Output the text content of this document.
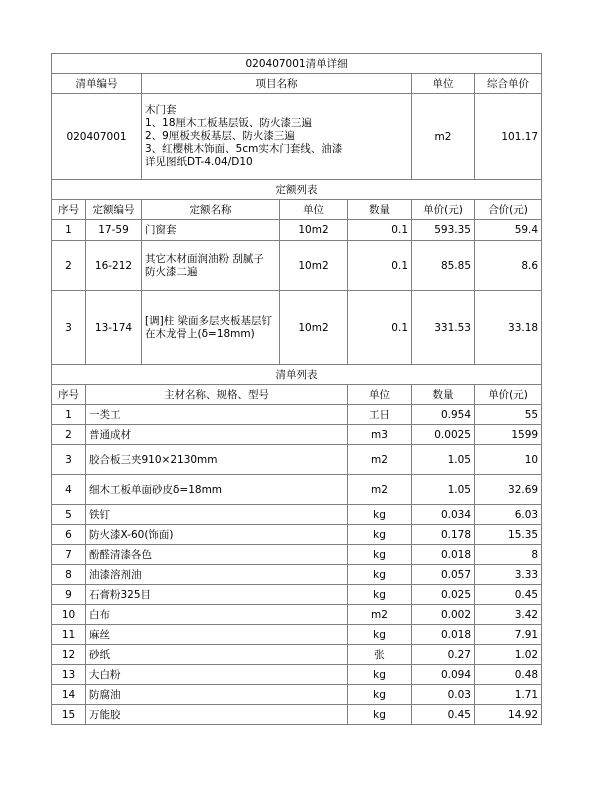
020407001清单详细							
清单编号		项目名称			单位	综合单价	
020407001		木门套
1、18厘木工板基层钣、防火漆三遍
2、9厘板夹板基层、防火漆三遍
3、红樱桃木饰面、5cm实木门套线、油漆
详见图纸DT-4.04/D10			m2	101.17	
定额列表							
序号	定额编号	定额名称	单位	数量	单价(元)	合价(元)	
1	17-59	门窗套	10m2	0.1	593.35	59.4	
2	16-212	其它木材面润油粉 刮腻子 防火漆二遍	10m2	0.1	85.85	8.6	
3	13-174	[调]柱 梁面多层夹板基层钉在木龙骨上(δ=18mm)	10m2	0.1	331.53	33.18	
清单列表							
序号	主材名称、规格、型号			单位	数量	单价(元)	
1	一类工			工日	0.954	55	
2	普通成材			m3	0.0025	1599	
3	胶合板三夹910×2130mm			m2	1.05	10	
4	细木工板单面砂皮δ=18mm			m2	1.05	32.69	
5	铁钉			kg	0.034	6.03	
6	防火漆X-60(饰面)			kg	0.178	15.35	
7	酚醛清漆各色			kg	0.018	8	
8	油漆溶剂油			kg	0.057	3.33	
9	石膏粉325目			kg	0.025	0.45	
10	白布			m2	0.002	3.42	
11	麻丝			kg	0.018	7.91	
12	砂纸			张	0.27	1.02	
13	大白粉			kg	0.094	0.48	
14	防腐油			kg	0.03	1.71	
15	万能胶			kg	0.45	14.92	
